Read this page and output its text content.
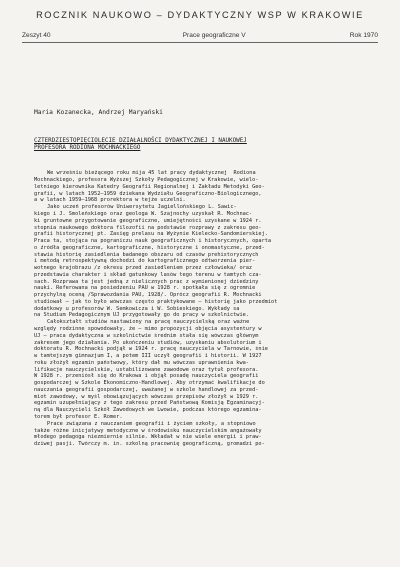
ROCZNIK NAUKOWO – DYDAKTYCZNY WSP W KRAKOWIE
Zeszyt 40	Prace geograficzne V	Rok 1970
Maria Kozanecka, Andrzej Maryański
CZTERDZIESTOPIĘCIOLECIE DZIAŁALNOŚCI DYDAKTYCZNEJ I NAUKOWEJ
PROFESORA RODIONA MOCHNACKIEGO
We wrześniu bieżącego roku mija 45 lat pracy dydaktycznej  Rodiona
Mochnackiego, profesora Wyższej Szkoły Pedagogicznej w Krakowie, wielo-
letniego kierownika Katedry Geografii Regionalnej i Zakładu Metodyki Geo-
grafii, w latach 1952–1959 dziekana Wydziału Geograficzno-Biologicznego,
a w latach 1959–1968 prorektora w tejże uczelni.
Jako uczeń profesorów Uniwersytetu Jagiellońskiego L. Sawic-
kiego i J. Smoleńskiego oraz geologa W. Szajnochy uzyskał R. Mochnac-
ki gruntowne przygotowanie geograficzne, umiejętności uzyskane w 1924 r.
stopnia naukowego doktora filozofii na podstawie rozprawy z zakresu geo-
grafii historycznej pt. Zasięg prelasu na Wyżynie Kielecko-Sandomierskiej.
Praca ta, stojąca na pograniczu nauk geograficznych i historycznych, oparta
o źródła geograficzne, kartograficzne, historyczne i onomastyczne, przed-
stawia historię zasiedlenia badanego obszaru od czasów prehistorycznych
i metodą retrospektywną dochodzi do kartograficznego odtworzenia pier-
wotnego krajobrazu /z okresu przed zasiedleniem przez człowieka/ oraz
przedstawia charakter i skład gatunkowy lasów tego terenu w tamtych cza-
sach. Rozprawa ta jest jedną z nielicznych prac z wymienionej dziedziny
nauki. Referowana na posiedzeniu PAU w 1928 r. spotkała się z ogromnie
przychylną oceną /Sprawozdania PAU, 1928/. Oprócz geografii R. Mochnacki
studiował – jak to było wówczas często praktykowane – historię jako przedmiot
dodatkowy u profesorów W. Semkowicza i W. Sobieskiego. Wykłady sa
na Studium Pedagogicznym UJ przygotowały go do pracy w szkolnictwie.
Całokształt studiów nastawiony na pracę nauczycielską oraz ważne
względy rodzinne spowodowały, że – mimo propozycji objęcia asystentury w
UJ – praca dydaktyczna w szkolnictwie średnim stała się wówczas głównym
zakresem jego działania. Po ukończeniu studiów, uzyskaniu absolutorium i
doktoratu R. Mochnacki podjął w 1924 r. pracę nauczyciela w Tarnowie, śnie
w tamtejszym gimnazjum I, a potem III uczył geografii i historii. W 1927
roku złożył egzamin państwowy, który dał mu wówczas uprawnienia kwa-
lifikacje nauczycielskie, ustabilizowane zawodowe oraz tytuł profesora.
W 1928 r. przeniósł się do Krakowa i objął posadę nauczyciela geografii
gospodarczej w Szkole Ekonomiczno-Handlowej. Aby otrzymać kwalifikacje do
nauczania geografii gospodarczej, uważanej w szkole handlowej za przed-
miot zawodowy, w myśl obowiązujących wówczas przepisów złożył w 1929 r.
egzamin uzupełniający z tego zakresu przed Państwową Komisją Egzaminacyj-
ną dla Nauczycieli Szkół Zawodowych we Lwowie, podczas którego egzamina-
torem był profesor E. Romer.
Prace związana z nauczaniem geografii i życiem szkoły, a stopniowo
także różne inicjatywy metodyczne w środowisku nauczycielskim angażowały
młodego pedagoga niezmiernie silnie. Wkładał w nie wiele energii i praw-
dziwej pasji. Twórczy m. in. szkolną pracownię geograficzną, gromadzi po-
